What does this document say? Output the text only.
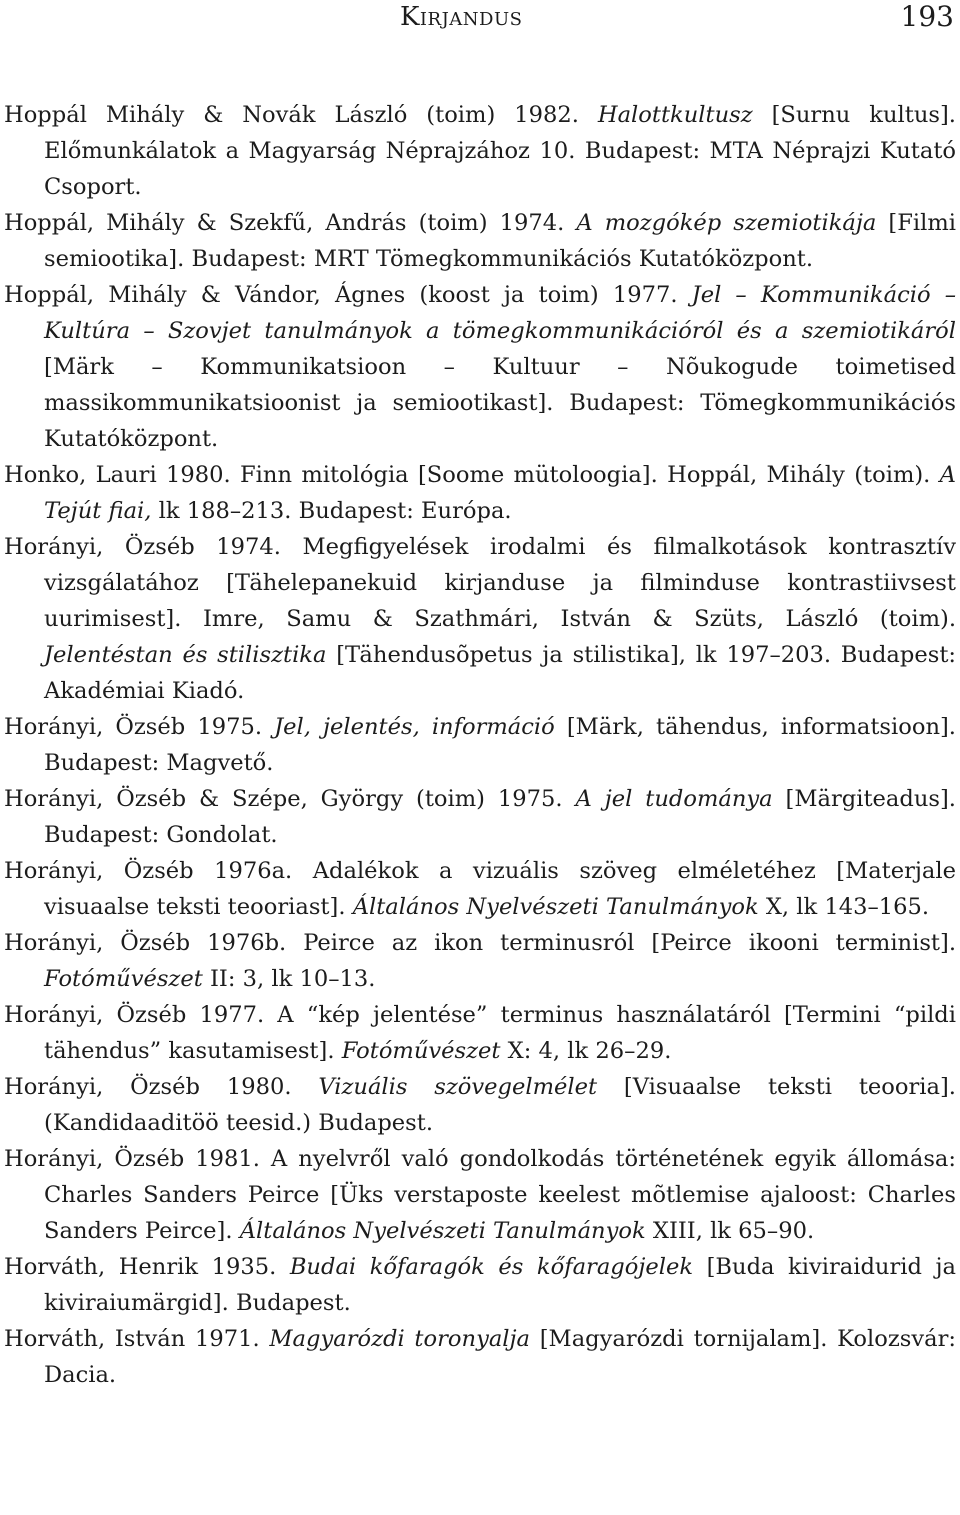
Kirjandus	193

Hoppál Mihály & Novák László (toim) 1982. Halottkultusz [Surnu kultus]. Előmunkálatok a Magyarság Néprajzához 10. Budapest: MTA Néprajzi Kutató Csoport.

Hoppál, Mihály & Szekfű, András (toim) 1974. A mozgókép szemiotikája [Filmi semiootika]. Budapest: MRT Tömegkommunikációs Kutatóközpont.

Hoppál, Mihály & Vándor, Ágnes (koost ja toim) 1977. Jel – Kommunikáció – Kultúra – Szovjet tanulmányok a tömegkommunikációról és a szemiotikáról [Märk – Kommunikatsioon – Kultuur – Nõukogude toimetised massikommunikatsioonist ja semiootikast]. Budapest: Tömegkommunikációs Kutatóközpont.

Honko, Lauri 1980. Finn mitológia [Soome mütoloogia]. Hoppál, Mihály (toim). A Tejút fiai, lk 188–213. Budapest: Európa.

Horányi, Özséb 1974. Megfigyelések irodalmi és filmalkotások kontrasztív vizsgálatához [Tähelepanekuid kirjanduse ja filminduse kontrastiivsest uurimisest]. Imre, Samu & Szathmári, István & Szüts, László (toim). Jelentéstan és stilisztika [Tähendusõpetus ja stilistika], lk 197–203. Budapest: Akadémiai Kiadó.

Horányi, Özséb 1975. Jel, jelentés, információ [Märk, tähendus, informatsioon]. Budapest: Magvető.

Horányi, Özséb & Szépe, György (toim) 1975. A jel tudománya [Märgiteadus]. Budapest: Gondolat.

Horányi, Özséb 1976a. Adalékok a vizuális szöveg elméletéhez [Materjale visuaalse teksti teooriast]. Általános Nyelvészeti Tanulmányok X, lk 143–165.

Horányi, Özséb 1976b. Peirce az ikon terminusról [Peirce ikooni terminist]. Fotóművészet II: 3, lk 10–13.

Horányi, Özséb 1977. A “kép jelentése” terminus használatáról [Termini “pildi tähendus” kasutamisest]. Fotóművészet X: 4, lk 26–29.

Horányi, Özséb 1980. Vizuális szövegelmélet [Visuaalse teksti teooria]. (Kandidaaditöö teesid.) Budapest.

Horányi, Özséb 1981. A nyelvről való gondolkodás történetének egyik állomása: Charles Sanders Peirce [Üks verstaposte keelest mõtlemise ajaloost: Charles Sanders Peirce]. Általános Nyelvészeti Tanulmányok XIII, lk 65–90.

Horváth, Henrik 1935. Budai kőfaragók és kőfaragójelek [Buda kiviraidurid ja kiviraiumärgid]. Budapest.

Horváth, István 1971. Magyarózdi toronyalja [Magyarózdi tornijalam]. Kolozsvár: Dacia.
